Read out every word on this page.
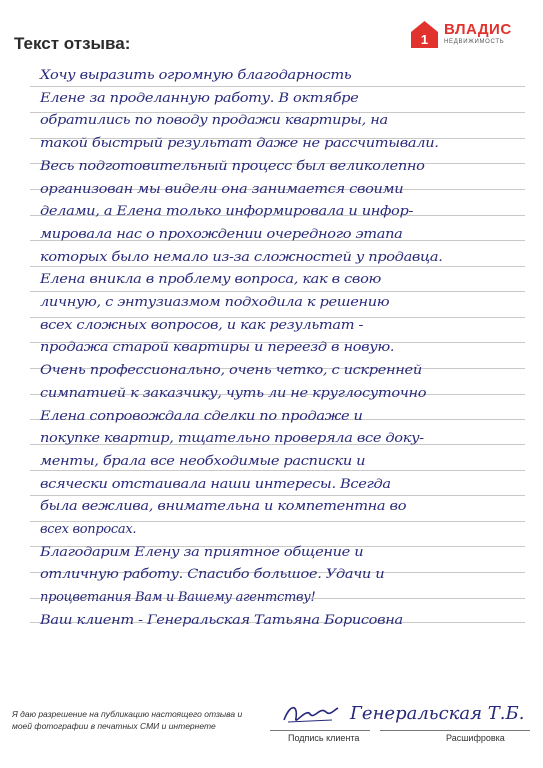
Текст отзыва:	1
ВЛАДИС
НЕДВИЖИМОСТЬ
Хочу выразить огромную благодарность
Елене за проделанную работу. В октябре
обратились по поводу продажи квартиры, на
такой быстрый результат даже не рассчитывали.
Весь подготовительный процесс был великолепно
организован мы видели она занимается своими
делами, а Елена только информировала и инфор-
мировала нас о прохождении очередного этапа
которых было немало из-за сложностей у продавца.
Елена вникла в проблему вопроса, как в свою
личную, с энтузиазмом подходила к решению
всех сложных вопросов, и как результат -
продажа старой квартиры и переезд в новую.
Очень профессионально, очень четко, с искренней
симпатией к заказчику, чуть ли не круглосуточно
Елена сопровождала сделки по продаже и
покупке квартир, тщательно проверяла все доку-
менты, брала все необходимые расписки и
всячески отстаивала наши интересы. Всегда
была вежлива, внимательна и компетентна во
всех вопросах.
Благодарим Елену за приятное общение и
отличную работу. Спасибо большое. Удачи и
процветания Вам и Вашему агентству!
Ваш клиент - Генеральская Татьяна Борисовна
Генеральская Т.Б.
Я даю разрешение на публикацию настоящего отзыва и моей фотографии в печатных СМИ и интернете
Подпись клиента	Расшифровка
